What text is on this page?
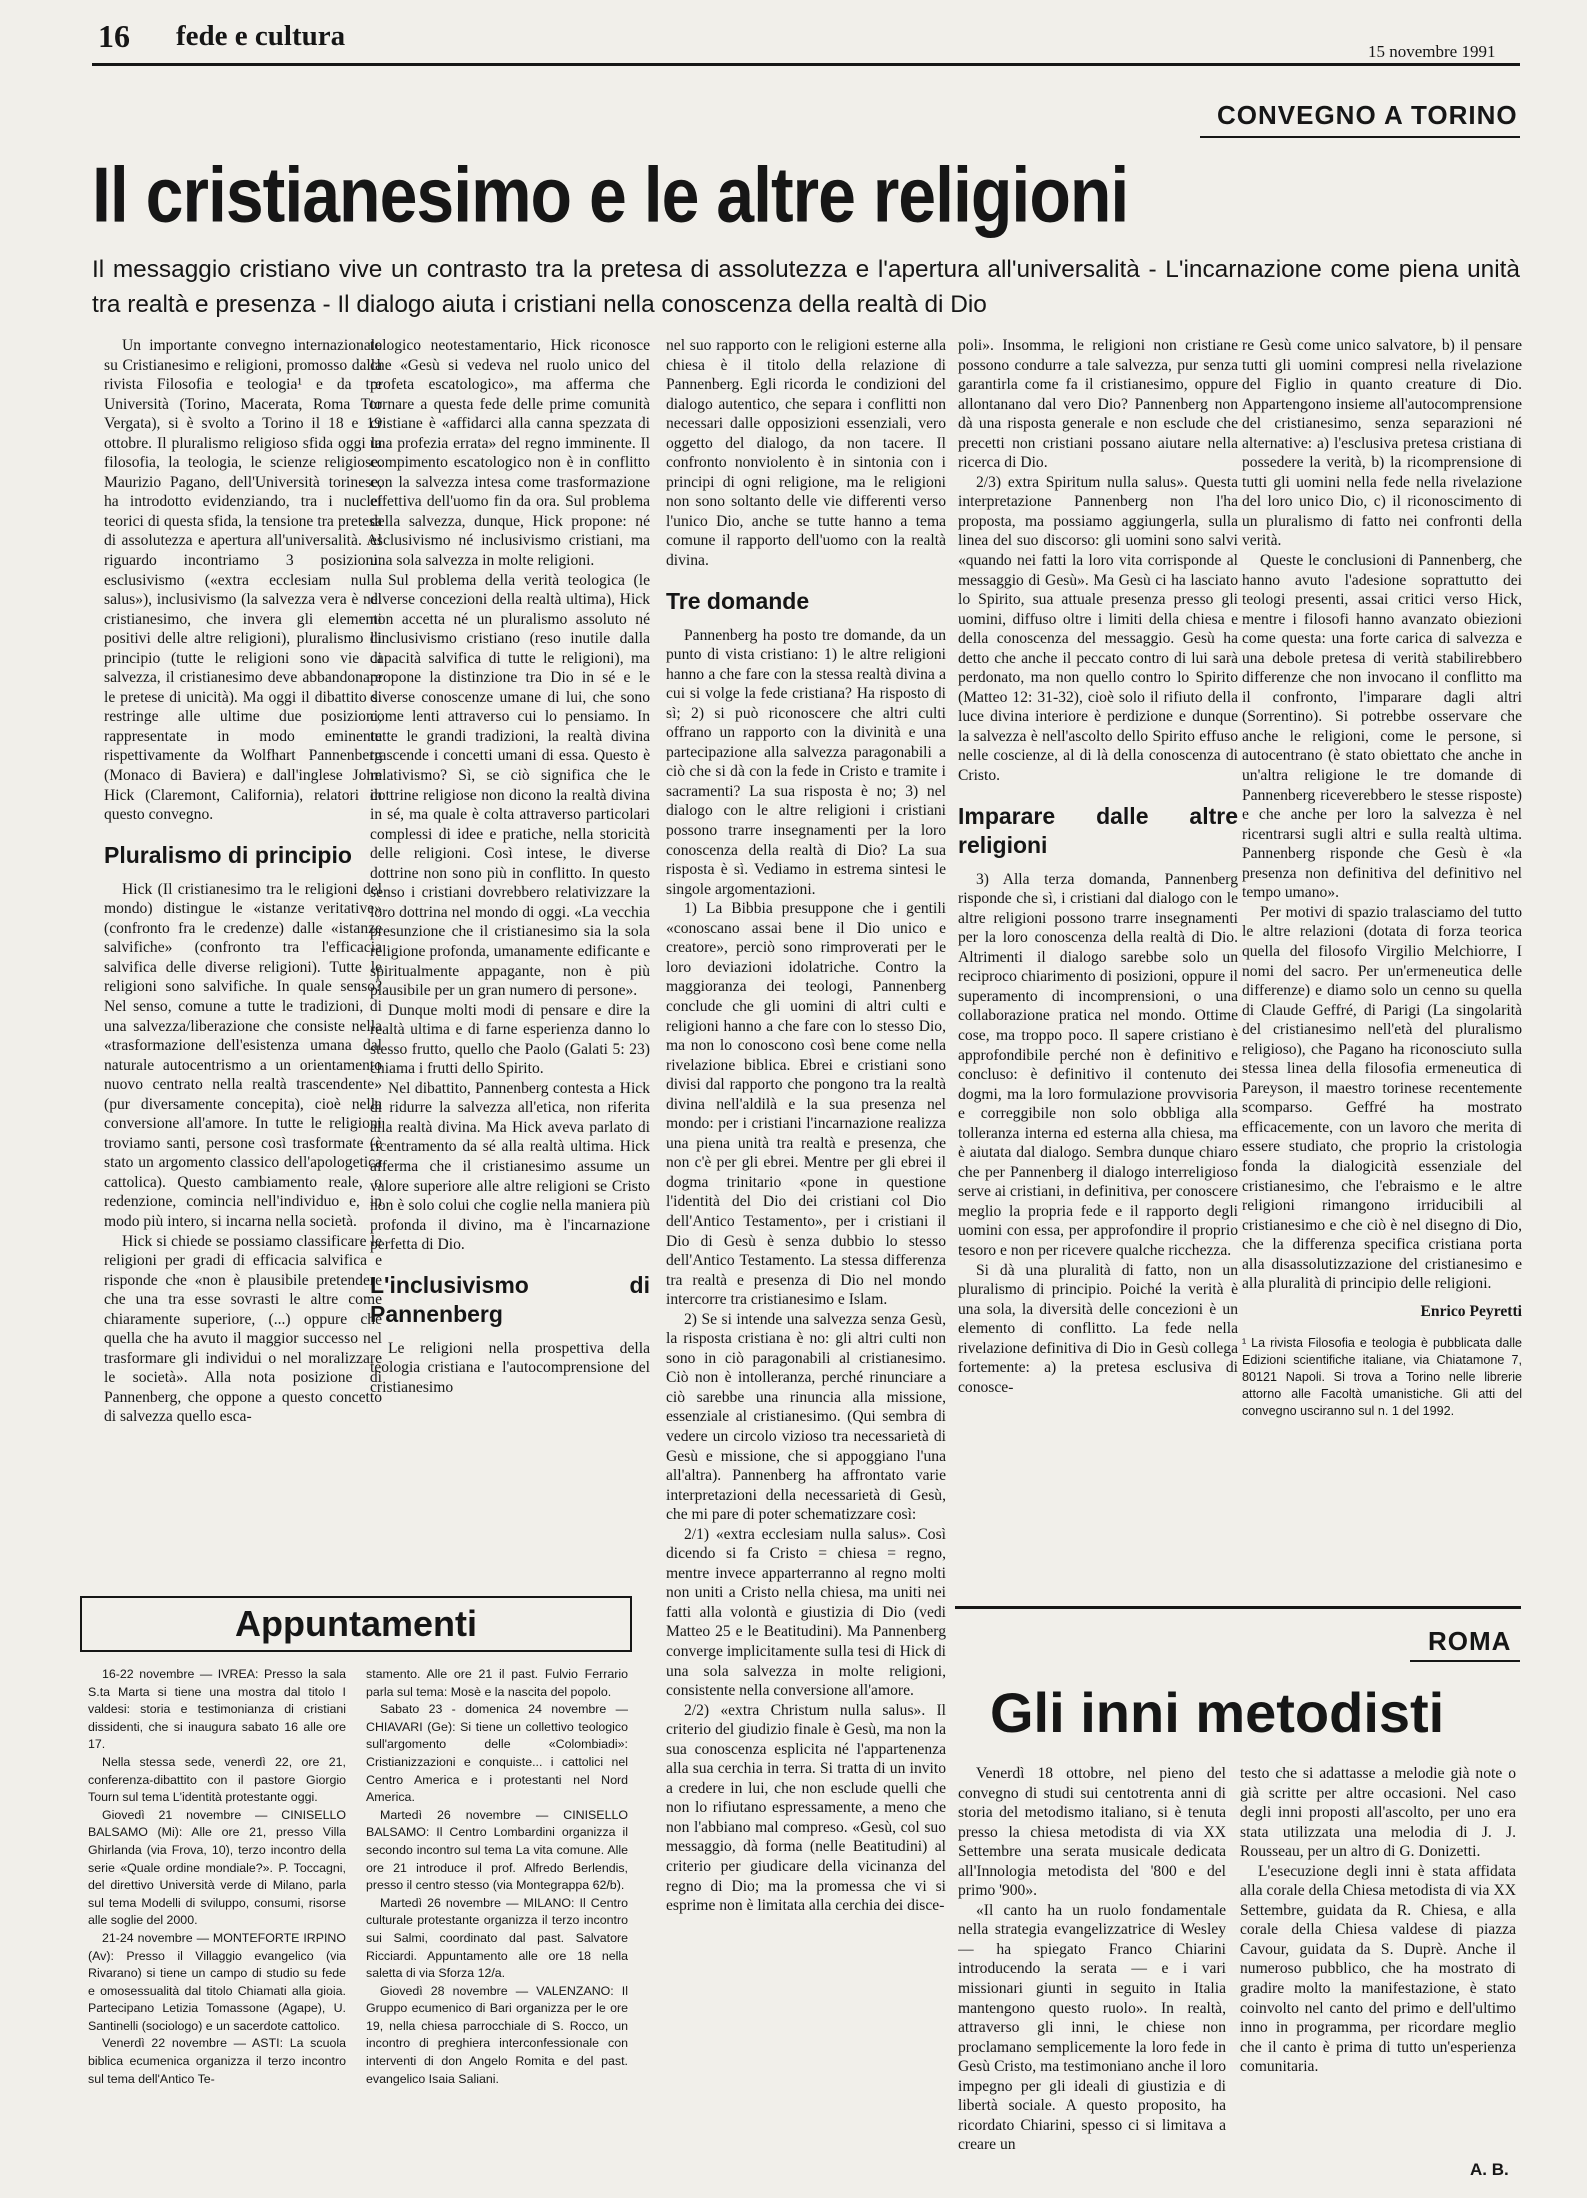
16 fede e cultura	15 novembre 1991
CONVEGNO A TORINO
Il cristianesimo e le altre religioni
Il messaggio cristiano vive un contrasto tra la pretesa di assolutezza e l'apertura all'universalità - L'incarnazione come piena unità tra realtà e presenza - Il dialogo aiuta i cristiani nella conoscenza della realtà di Dio

Un importante convegno internazionale su Cristianesimo e religioni, promosso dalla rivista Filosofia e teologia¹ e da tre Università (Torino, Macerata, Roma Tor Vergata), si è svolto a Torino il 18 e 19 ottobre. Il pluralismo religioso sfida oggi la filosofia, la teologia, le scienze religiose. Maurizio Pagano, dell'Università torinese, ha introdotto evidenziando, tra i nuclei teorici di questa sfida, la tensione tra pretesa di assolutezza e apertura all'universalità. Al riguardo incontriamo 3 posizioni: esclusivismo («extra ecclesiam nulla salus»), inclusivismo (la salvezza vera è nel cristianesimo, che invera gli elementi positivi delle altre religioni), pluralismo di principio (tutte le religioni sono vie di salvezza, il cristianesimo deve abbandonare le pretese di unicità). Ma oggi il dibattito si restringe alle ultime due posizioni, rappresentate in modo eminente rispettivamente da Wolfhart Pannenberg (Monaco di Baviera) e dall'inglese John Hick (Claremont, California), relatori in questo convegno.

Pluralismo di principio

Hick (Il cristianesimo tra le religioni del mondo) distingue le «istanze veritative» (confronto fra le credenze) dalle «istanze salvifiche» (confronto tra l'efficacia salvifica delle diverse religioni). Tutte le religioni sono salvifiche. In quale senso? Nel senso, comune a tutte le tradizioni, di una salvezza/liberazione che consiste nella «trasformazione dell'esistenza umana dal naturale autocentrismo a un orientamento nuovo centrato nella realtà trascendente» (pur diversamente concepita), cioè nella conversione all'amore. In tutte le religioni troviamo santi, persone così trasformate (è stato un argomento classico dell'apologetica cattolica). Questo cambiamento reale, o redenzione, comincia nell'individuo e, in modo più intero, si incarna nella società.

Hick si chiede se possiamo classificare le religioni per gradi di efficacia salvifica e risponde che «non è plausibile pretendere che una tra esse sovrasti le altre come chiaramente superiore, (...) oppure che quella che ha avuto il maggior successo nel trasformare gli individui o nel moralizzare le società». Alla nota posizione di Pannenberg, che oppone a questo concetto di salvezza quello esca-

tologico neotestamentario, Hick riconosce che «Gesù si vedeva nel ruolo unico del profeta escatologico», ma afferma che tornare a questa fede delle prime comunità cristiane è «affidarci alla canna spezzata di una profezia errata» del regno imminente. Il compimento escatologico non è in conflitto con la salvezza intesa come trasformazione effettiva dell'uomo fin da ora. Sul problema della salvezza, dunque, Hick propone: né esclusivismo né inclusivismo cristiani, ma una sola salvezza in molte religioni.

Sul problema della verità teologica (le diverse concezioni della realtà ultima), Hick non accetta né un pluralismo assoluto né l'inclusivismo cristiano (reso inutile dalla capacità salvifica di tutte le religioni), ma propone la distinzione tra Dio in sé e le diverse conoscenze umane di lui, che sono come lenti attraverso cui lo pensiamo. In tutte le grandi tradizioni, la realtà divina trascende i concetti umani di essa. Questo è relativismo? Sì, se ciò significa che le dottrine religiose non dicono la realtà divina in sé, ma quale è colta attraverso particolari complessi di idee e pratiche, nella storicità delle religioni. Così intese, le diverse dottrine non sono più in conflitto. In questo senso i cristiani dovrebbero relativizzare la loro dottrina nel mondo di oggi. «La vecchia presunzione che il cristianesimo sia la sola religione profonda, umanamente edificante e spiritualmente appagante, non è più plausibile per un gran numero di persone».

Dunque molti modi di pensare e dire la realtà ultima e di farne esperienza danno lo stesso frutto, quello che Paolo (Galati 5: 23) chiama i frutti dello Spirito.

Nel dibattito, Pannenberg contesta a Hick di ridurre la salvezza all'etica, non riferita alla realtà divina. Ma Hick aveva parlato di ricentramento da sé alla realtà ultima. Hick afferma che il cristianesimo assume un valore superiore alle altre religioni se Cristo non è solo colui che coglie nella maniera più profonda il divino, ma è l'incarnazione perfetta di Dio.

L'inclusivismo di Pannenberg

Le religioni nella prospettiva della teologia cristiana e l'autocomprensione del cristianesimo

nel suo rapporto con le religioni esterne alla chiesa è il titolo della relazione di Pannenberg. Egli ricorda le condizioni del dialogo autentico, che separa i conflitti non necessari dalle opposizioni essenziali, vero oggetto del dialogo, da non tacere. Il confronto nonviolento è in sintonia con i principi di ogni religione, ma le religioni non sono soltanto delle vie differenti verso l'unico Dio, anche se tutte hanno a tema comune il rapporto dell'uomo con la realtà divina.

Tre domande

Pannenberg ha posto tre domande, da un punto di vista cristiano: 1) le altre religioni hanno a che fare con la stessa realtà divina a cui si volge la fede cristiana? Ha risposto di sì; 2) si può riconoscere che altri culti offrano un rapporto con la divinità e una partecipazione alla salvezza paragonabili a ciò che si dà con la fede in Cristo e tramite i sacramenti? La sua risposta è no; 3) nel dialogo con le altre religioni i cristiani possono trarre insegnamenti per la loro conoscenza della realtà di Dio? La sua risposta è sì. Vediamo in estrema sintesi le singole argomentazioni.

1) La Bibbia presuppone che i gentili «conoscano assai bene il Dio unico e creatore», perciò sono rimproverati per le loro deviazioni idolatriche. Contro la maggioranza dei teologi, Pannenberg conclude che gli uomini di altri culti e religioni hanno a che fare con lo stesso Dio, ma non lo conoscono così bene come nella rivelazione biblica. Ebrei e cristiani sono divisi dal rapporto che pongono tra la realtà divina nell'aldilà e la sua presenza nel mondo: per i cristiani l'incarnazione realizza una piena unità tra realtà e presenza, che non c'è per gli ebrei. Mentre per gli ebrei il dogma trinitario «pone in questione l'identità del Dio dei cristiani col Dio dell'Antico Testamento», per i cristiani il Dio di Gesù è senza dubbio lo stesso dell'Antico Testamento. La stessa differenza tra realtà e presenza di Dio nel mondo intercorre tra cristianesimo e Islam.

2) Se si intende una salvezza senza Gesù, la risposta cristiana è no: gli altri culti non sono in ciò paragonabili al cristianesimo. Ciò non è intolleranza, perché rinunciare a ciò sarebbe una rinuncia alla missione, essenziale al cristianesimo. (Qui sembra di vedere un circolo vizioso tra necessarietà di Gesù e missione, che si appoggiano l'una all'altra). Pannenberg ha affrontato varie interpretazioni della necessarietà di Gesù, che mi pare di poter schematizzare così:

2/1) «extra ecclesiam nulla salus». Così dicendo si fa Cristo = chiesa = regno, mentre invece apparterranno al regno molti non uniti a Cristo nella chiesa, ma uniti nei fatti alla volontà e giustizia di Dio (vedi Matteo 25 e le Beatitudini). Ma Pannenberg converge implicitamente sulla tesi di Hick di una sola salvezza in molte religioni, consistente nella conversione all'amore.

2/2) «extra Christum nulla salus». Il criterio del giudizio finale è Gesù, ma non la sua conoscenza esplicita né l'appartenenza alla sua cerchia in terra. Si tratta di un invito a credere in lui, che non esclude quelli che non lo rifiutano espressamente, a meno che non l'abbiano mal compreso. «Gesù, col suo messaggio, dà forma (nelle Beatitudini) al criterio per giudicare della vicinanza del regno di Dio; ma la promessa che vi si esprime non è limitata alla cerchia dei disce-

poli». Insomma, le religioni non cristiane possono condurre a tale salvezza, pur senza garantirla come fa il cristianesimo, oppure allontanano dal vero Dio? Pannenberg non dà una risposta generale e non esclude che precetti non cristiani possano aiutare nella ricerca di Dio.

2/3) extra Spiritum nulla salus». Questa interpretazione Pannenberg non l'ha proposta, ma possiamo aggiungerla, sulla linea del suo discorso: gli uomini sono salvi «quando nei fatti la loro vita corrisponde al messaggio di Gesù». Ma Gesù ci ha lasciato lo Spirito, sua attuale presenza presso gli uomini, diffuso oltre i limiti della chiesa e della conoscenza del messaggio. Gesù ha detto che anche il peccato contro di lui sarà perdonato, ma non quello contro lo Spirito (Matteo 12: 31-32), cioè solo il rifiuto della luce divina interiore è perdizione e dunque la salvezza è nell'ascolto dello Spirito effuso nelle coscienze, al di là della conoscenza di Cristo.

Imparare dalle altre religioni

3) Alla terza domanda, Pannenberg risponde che sì, i cristiani dal dialogo con le altre religioni possono trarre insegnamenti per la loro conoscenza della realtà di Dio. Altrimenti il dialogo sarebbe solo un reciproco chiarimento di posizioni, oppure il superamento di incomprensioni, o una collaborazione pratica nel mondo. Ottime cose, ma troppo poco. Il sapere cristiano è approfondibile perché non è definitivo e concluso: è definitivo il contenuto dei dogmi, ma la loro formulazione provvisoria e correggibile non solo obbliga alla tolleranza interna ed esterna alla chiesa, ma è aiutata dal dialogo. Sembra dunque chiaro che per Pannenberg il dialogo interreligioso serve ai cristiani, in definitiva, per conoscere meglio la propria fede e il rapporto degli uomini con essa, per approfondire il proprio tesoro e non per ricevere qualche ricchezza.

Si dà una pluralità di fatto, non un pluralismo di principio. Poiché la verità è una sola, la diversità delle concezioni è un elemento di conflitto. La fede nella rivelazione definitiva di Dio in Gesù collega fortemente: a) la pretesa esclusiva di conosce-

re Gesù come unico salvatore, b) il pensare tutti gli uomini compresi nella rivelazione del Figlio in quanto creature di Dio. Appartengono insieme all'autocomprensione del cristianesimo, senza separazioni né alternative: a) l'esclusiva pretesa cristiana di possedere la verità, b) la ricomprensione di tutti gli uomini nella fede nella rivelazione del loro unico Dio, c) il riconoscimento di un pluralismo di fatto nei confronti della verità.

Queste le conclusioni di Pannenberg, che hanno avuto l'adesione soprattutto dei teologi presenti, assai critici verso Hick, mentre i filosofi hanno avanzato obiezioni come questa: una forte carica di salvezza e una debole pretesa di verità stabilirebbero differenze che non invocano il conflitto ma il confronto, l'imparare dagli altri (Sorrentino). Si potrebbe osservare che anche le religioni, come le persone, si autocentrano (è stato obiettato che anche in un'altra religione le tre domande di Pannenberg riceverebbero le stesse risposte) e che anche per loro la salvezza è nel ricentrarsi sugli altri e sulla realtà ultima. Pannenberg risponde che Gesù è «la presenza non definitiva del definitivo nel tempo umano».

Per motivi di spazio tralasciamo del tutto le altre relazioni (dotata di forza teorica quella del filosofo Virgilio Melchiorre, I nomi del sacro. Per un'ermeneutica delle differenze) e diamo solo un cenno su quella di Claude Geffré, di Parigi (La singolarità del cristianesimo nell'età del pluralismo religioso), che Pagano ha riconosciuto sulla stessa linea della filosofia ermeneutica di Pareyson, il maestro torinese recentemente scomparso. Geffré ha mostrato efficacemente, con un lavoro che merita di essere studiato, che proprio la cristologia fonda la dialogicità essenziale del cristianesimo, che l'ebraismo e le altre religioni rimangono irriducibili al cristianesimo e che ciò è nel disegno di Dio, che la differenza specifica cristiana porta alla disassolutizzazione del cristianesimo e alla pluralità di principio delle religioni.

Enrico Peyretti
¹ La rivista Filosofia e teologia è pubblicata dalle Edizioni scientifiche italiane, via Chiatamone 7, 80121 Napoli. Si trova a Torino nelle librerie attorno alle Facoltà umanistiche. Gli atti del convegno usciranno sul n. 1 del 1992.
Appuntamenti

16-22 novembre — IVREA: Presso la sala S.ta Marta si tiene una mostra dal titolo I valdesi: storia e testimonianza di cristiani dissidenti, che si inaugura sabato 16 alle ore 17.

Nella stessa sede, venerdì 22, ore 21, conferenza-dibattito con il pastore Giorgio Tourn sul tema L'identità protestante oggi.

Giovedì 21 novembre — CINISELLO BALSAMO (Mi): Alle ore 21, presso Villa Ghirlanda (via Frova, 10), terzo incontro della serie «Quale ordine mondiale?». P. Toccagni, del direttivo Università verde di Milano, parla sul tema Modelli di sviluppo, consumi, risorse alle soglie del 2000.

21-24 novembre — MONTEFORTE IRPINO (Av): Presso il Villaggio evangelico (via Rivarano) si tiene un campo di studio su fede e omosessualità dal titolo Chiamati alla gioia. Partecipano Letizia Tomassone (Agape), U. Santinelli (sociologo) e un sacerdote cattolico.

Venerdì 22 novembre — ASTI: La scuola biblica ecumenica organizza il terzo incontro sul tema dell'Antico Te-

stamento. Alle ore 21 il past. Fulvio Ferrario parla sul tema: Mosè e la nascita del popolo.

Sabato 23 - domenica 24 novembre — CHIAVARI (Ge): Si tiene un collettivo teologico sull'argomento delle «Colombiadi»: Cristianizzazioni e conquiste... i cattolici nel Centro America e i protestanti nel Nord America.

Martedì 26 novembre — CINISELLO BALSAMO: Il Centro Lombardini organizza il secondo incontro sul tema La vita comune. Alle ore 21 introduce il prof. Alfredo Berlendis, presso il centro stesso (via Montegrappa 62/b).

Martedì 26 novembre — MILANO: Il Centro culturale protestante organizza il terzo incontro sui Salmi, coordinato dal past. Salvatore Ricciardi. Appuntamento alle ore 18 nella saletta di via Sforza 12/a.

Giovedì 28 novembre — VALENZANO: Il Gruppo ecumenico di Bari organizza per le ore 19, nella chiesa parrocchiale di S. Rocco, un incontro di preghiera interconfessionale con interventi di don Angelo Romita e del past. evangelico Isaia Saliani.

ROMA
Gli inni metodisti

Venerdì 18 ottobre, nel pieno del convegno di studi sui centotrenta anni di storia del metodismo italiano, si è tenuta presso la chiesa metodista di via XX Settembre una serata musicale dedicata all'Innologia metodista del '800 e del primo '900».

«Il canto ha un ruolo fondamentale nella strategia evangelizzatrice di Wesley — ha spiegato Franco Chiarini introducendo la serata — e i vari missionari giunti in seguito in Italia mantengono questo ruolo». In realtà, attraverso gli inni, le chiese non proclamano semplicemente la loro fede in Gesù Cristo, ma testimoniano anche il loro impegno per gli ideali di giustizia e di libertà sociale. A questo proposito, ha ricordato Chiarini, spesso ci si limitava a creare un

testo che si adattasse a melodie già note o già scritte per altre occasioni. Nel caso degli inni proposti all'ascolto, per uno era stata utilizzata una melodia di J. J. Rousseau, per un altro di G. Donizetti.

L'esecuzione degli inni è stata affidata alla corale della Chiesa metodista di via XX Settembre, guidata da R. Chiesa, e alla corale della Chiesa valdese di piazza Cavour, guidata da S. Duprè. Anche il numeroso pubblico, che ha mostrato di gradire molto la manifestazione, è stato coinvolto nel canto del primo e dell'ultimo inno in programma, per ricordare meglio che il canto è prima di tutto un'esperienza comunitaria.

A. B.
